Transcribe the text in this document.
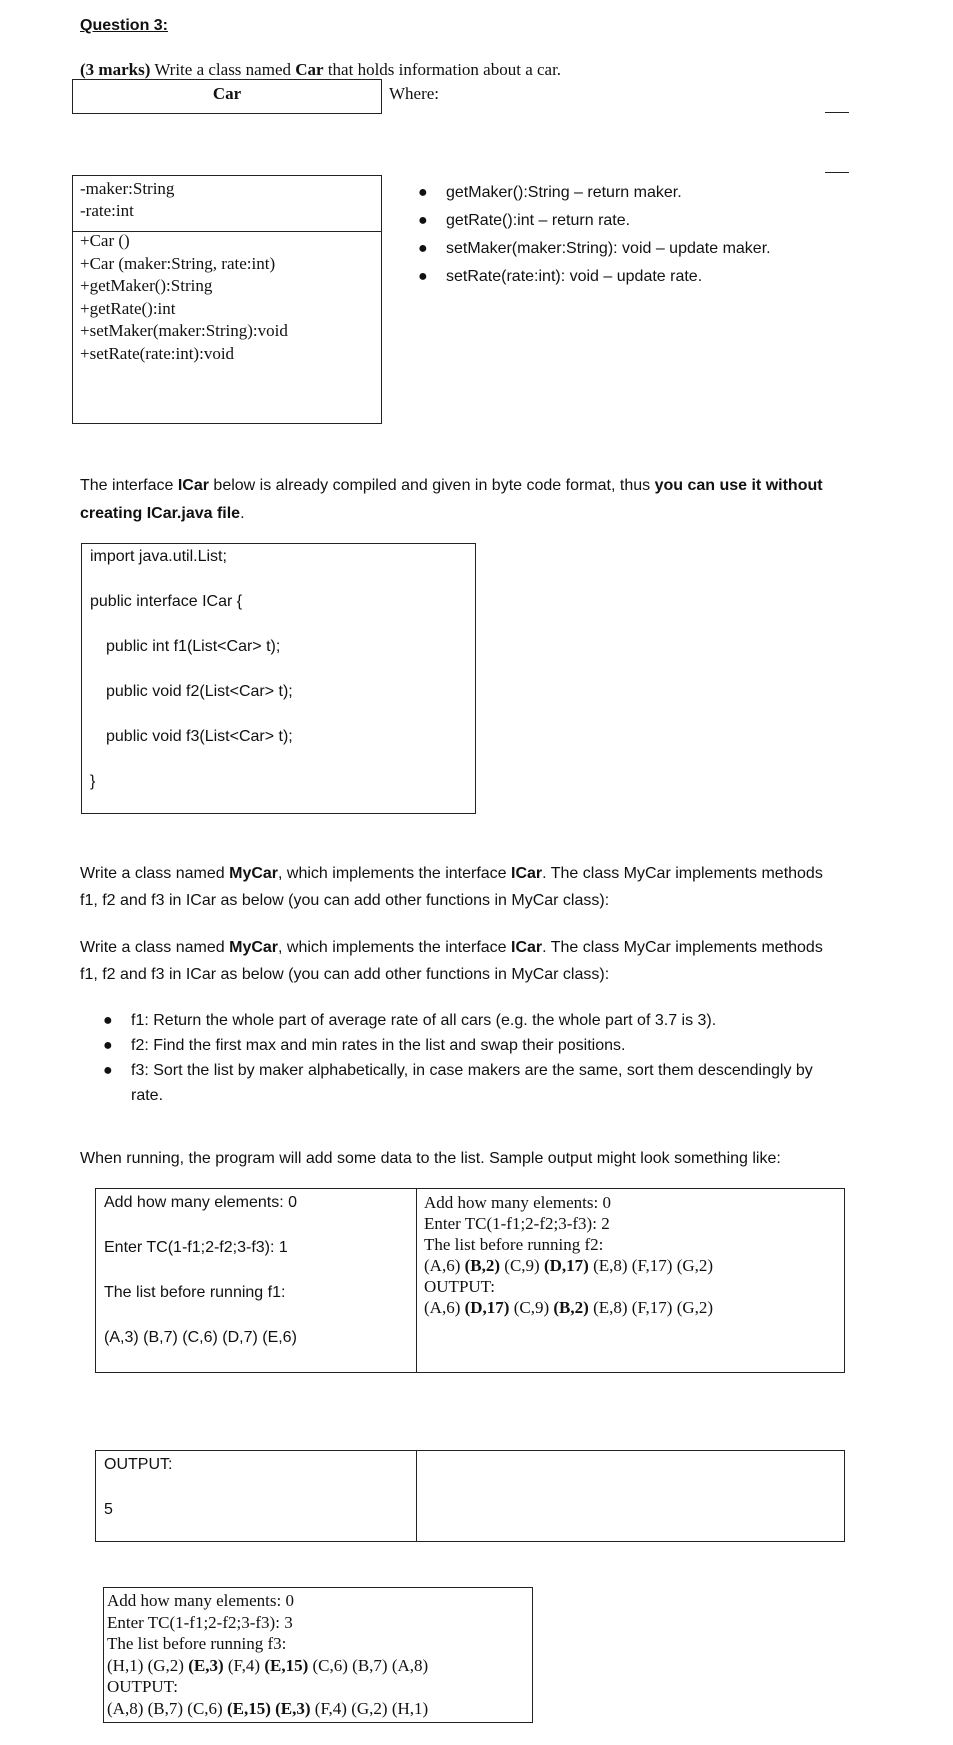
Question 3:
(3 marks) Write a class named Car that holds information about a car.
Car	Where:
-maker:String
-rate:int
+Car ()
+Car (maker:String, rate:int)
+getMaker():String
+getRate():int
+setMaker(maker:String):void
+setRate(rate:int):void
● getMaker():String – return maker.
● getRate():int – return rate.
● setMaker(maker:String): void – update maker.
● setRate(rate:int): void – update rate.
The interface ICar below is already compiled and given in byte code format, thus you can use it without
creating ICar.java file.
import java.util.List;
public interface ICar {
public int f1(List<Car> t);
public void f2(List<Car> t);
public void f3(List<Car> t);
}
Write a class named MyCar, which implements the interface ICar. The class MyCar implements methods
f1, f2 and f3 in ICar as below (you can add other functions in MyCar class):
Write a class named MyCar, which implements the interface ICar. The class MyCar implements methods
f1, f2 and f3 in ICar as below (you can add other functions in MyCar class):
● f1: Return the whole part of average rate of all cars (e.g. the whole part of 3.7 is 3).
● f2: Find the first max and min rates in the list and swap their positions.
● f3: Sort the list by maker alphabetically, in case makers are the same, sort them descendingly by
rate.
When running, the program will add some data to the list. Sample output might look something like:
Add how many elements: 0
Enter TC(1-f1;2-f2;3-f3): 1
The list before running f1:
(A,3) (B,7) (C,6) (D,7) (E,6)
Add how many elements: 0
Enter TC(1-f1;2-f2;3-f3): 2
The list before running f2:
(A,6) (B,2) (C,9) (D,17) (E,8) (F,17) (G,2)
OUTPUT:
(A,6) (D,17) (C,9) (B,2) (E,8) (F,17) (G,2)
OUTPUT:
5
Add how many elements: 0
Enter TC(1-f1;2-f2;3-f3): 3
The list before running f3:
(H,1) (G,2) (E,3) (F,4) (E,15) (C,6) (B,7) (A,8)
OUTPUT:
(A,8) (B,7) (C,6) (E,15) (E,3) (F,4) (G,2) (H,1)
